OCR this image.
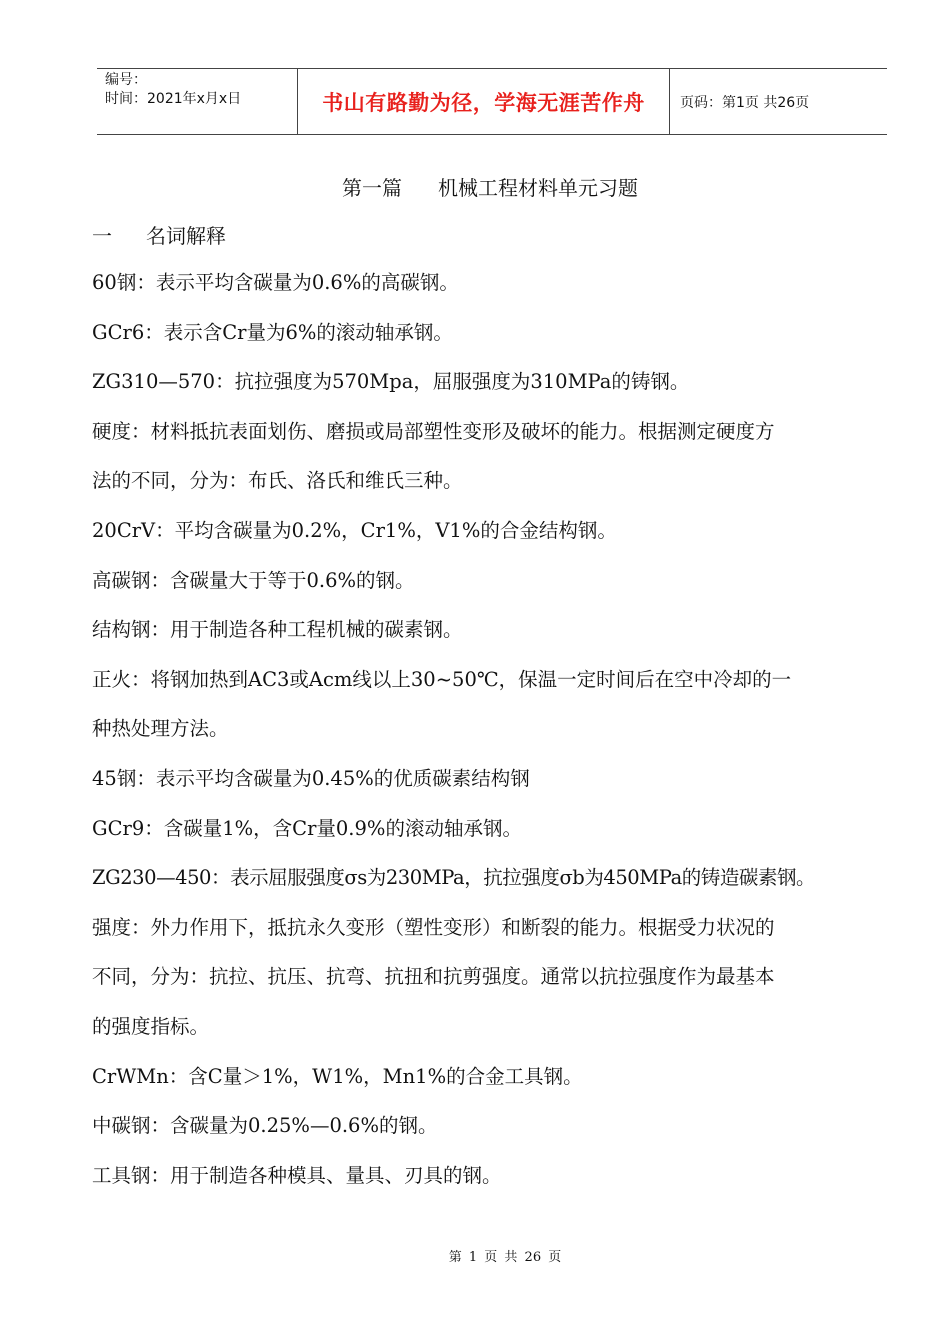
编号：
时间：2021年x月x日	书山有路勤为径，学海无涯苦作舟	页码：第1页 共26页
第一篇 机械工程材料单元习题
一 名词解释

60钢：表示平均含碳量为0.6%的高碳钢。

GCr6：表示含Cr量为6%的滚动轴承钢。

ZG310—570：抗拉强度为570Mpa，屈服强度为310MPa的铸钢。

硬度：材料抵抗表面划伤、磨损或局部塑性变形及破坏的能力。根据测定硬度方

法的不同，分为：布氏、洛氏和维氏三种。

20CrV：平均含碳量为0.2%，Cr1%，V1%的合金结构钢。

高碳钢：含碳量大于等于0.6%的钢。

结构钢：用于制造各种工程机械的碳素钢。

正火：将钢加热到AC3或Acm线以上30~50℃，保温一定时间后在空中冷却的一

种热处理方法。

45钢：表示平均含碳量为0.45%的优质碳素结构钢

GCr9：含碳量1%，含Cr量0.9%的滚动轴承钢。

ZG230—450：表示屈服强度σs为230MPa，抗拉强度σb为450MPa的铸造碳素钢。

强度：外力作用下，抵抗永久变形（塑性变形）和断裂的能力。根据受力状况的

不同，分为：抗拉、抗压、抗弯、抗扭和抗剪强度。通常以抗拉强度作为最基本

的强度指标。

CrWMn：含C量＞1%，W1%，Mn1%的合金工具钢。

中碳钢：含碳量为0.25%—0.6%的钢。

工具钢：用于制造各种模具、量具、刃具的钢。

第 1 页 共 26 页
